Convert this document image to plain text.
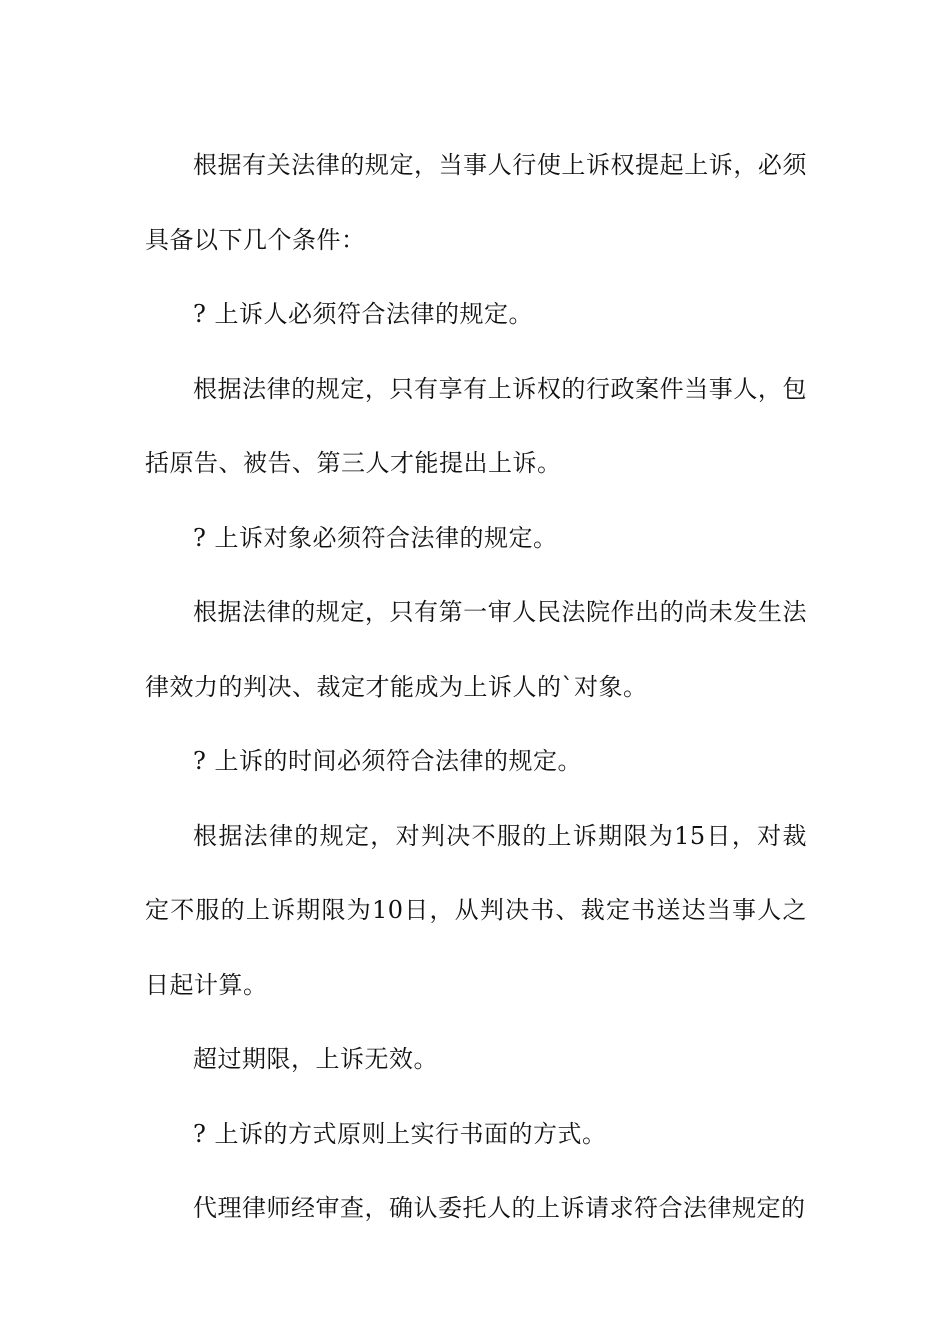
根据有关法律的规定，当事人行使上诉权提起上诉，必须具备以下几个条件：

? 上诉人必须符合法律的规定。

根据法律的规定，只有享有上诉权的行政案件当事人，包括原告、被告、第三人才能提出上诉。

? 上诉对象必须符合法律的规定。

根据法律的规定，只有第一审人民法院作出的尚未发生法律效力的判决、裁定才能成为上诉人的`对象。

? 上诉的时间必须符合法律的规定。

根据法律的规定，对判决不服的上诉期限为15日，对裁定不服的上诉期限为10日，从判决书、裁定书送达当事人之日起计算。

超过期限，上诉无效。

? 上诉的方式原则上实行书面的方式。

代理律师经审查，确认委托人的上诉请求符合法律规定的
